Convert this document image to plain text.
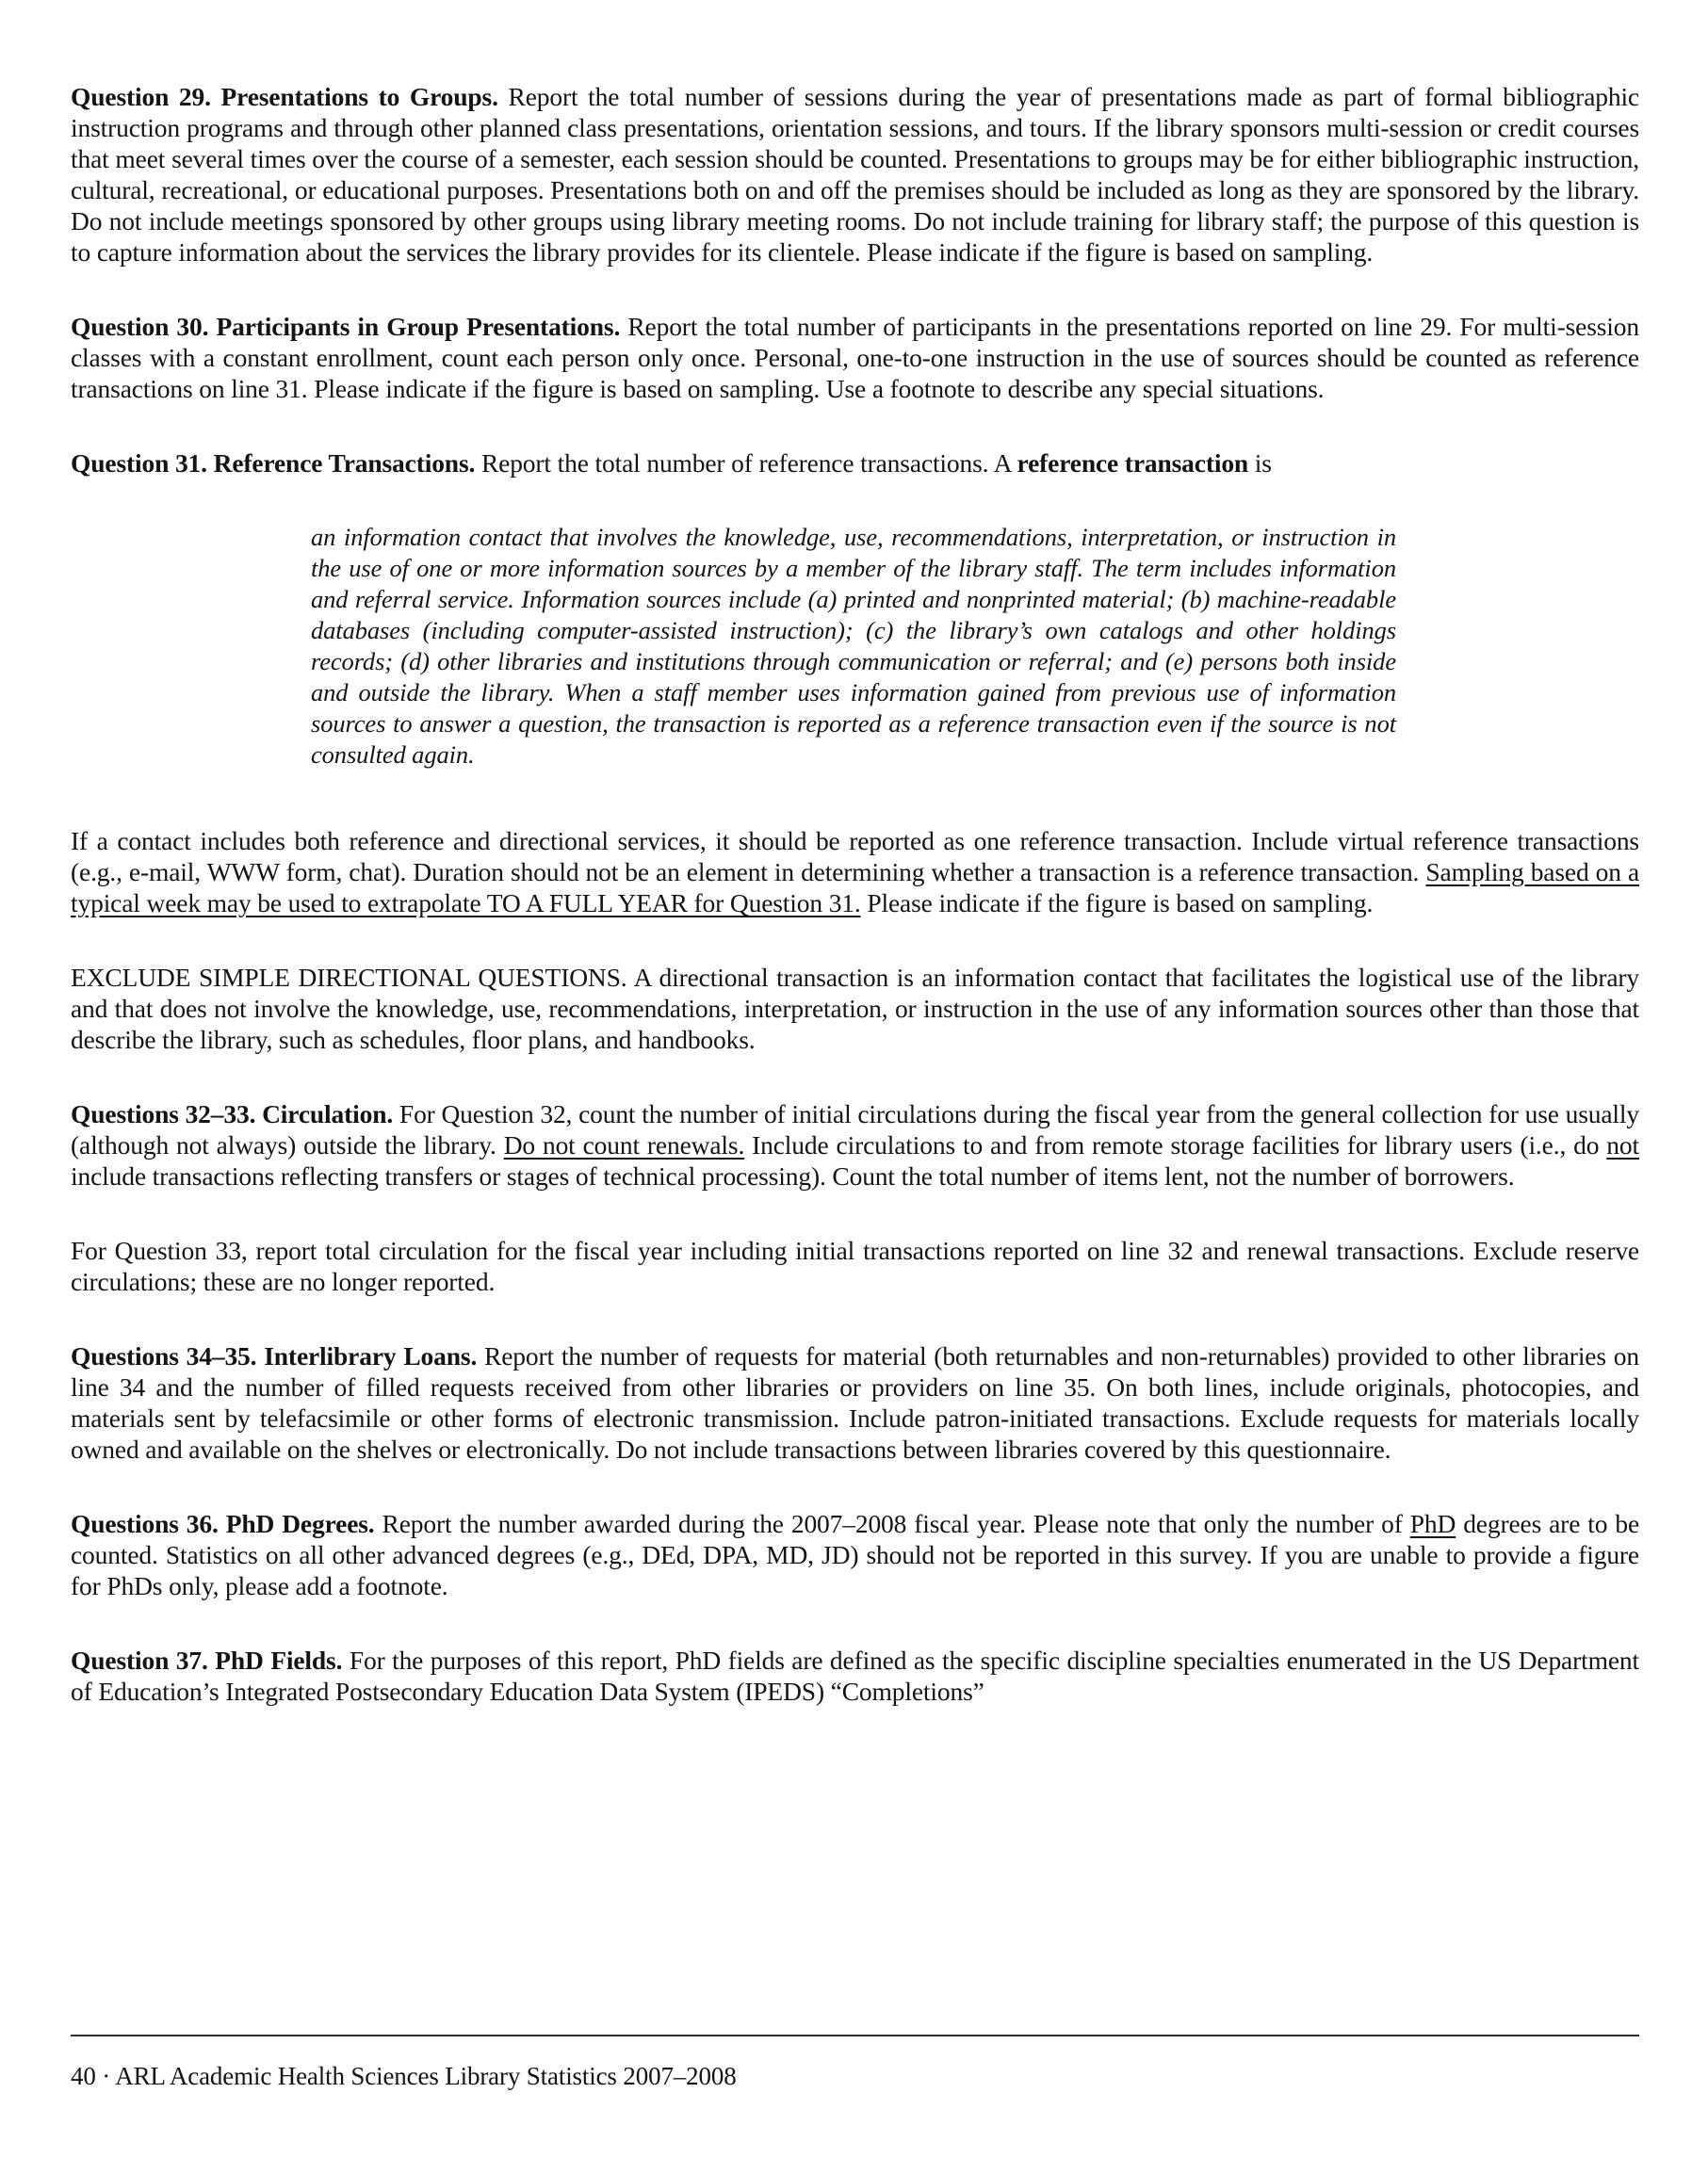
Question 29. Presentations to Groups. Report the total number of sessions during the year of presentations made as part of formal bibliographic instruction programs and through other planned class presentations, orientation sessions, and tours. If the library sponsors multi-session or credit courses that meet several times over the course of a semester, each session should be counted. Presentations to groups may be for either bibliographic instruction, cultural, recreational, or educational purposes. Presentations both on and off the premises should be included as long as they are sponsored by the library. Do not include meetings sponsored by other groups using library meeting rooms. Do not include training for library staff; the purpose of this question is to capture information about the services the library provides for its clientele. Please indicate if the figure is based on sampling.

Question 30. Participants in Group Presentations. Report the total number of participants in the presentations reported on line 29. For multi-session classes with a constant enrollment, count each person only once. Personal, one-to-one instruction in the use of sources should be counted as reference transactions on line 31. Please indicate if the figure is based on sampling. Use a footnote to describe any special situations.

Question 31. Reference Transactions. Report the total number of reference transactions. A reference transaction is

an information contact that involves the knowledge, use, recommendations, interpretation, or instruction in the use of one or more information sources by a member of the library staff. The term includes information and referral service. Information sources include (a) printed and nonprinted material; (b) machine-readable databases (including computer-assisted instruction); (c) the library’s own catalogs and other holdings records; (d) other libraries and institutions through communication or referral; and (e) persons both inside and outside the library. When a staff member uses information gained from previous use of information sources to answer a question, the transaction is reported as a reference transaction even if the source is not consulted again.

If a contact includes both reference and directional services, it should be reported as one reference transaction. Include virtual reference transactions (e.g., e-mail, WWW form, chat). Duration should not be an element in determining whether a transaction is a reference transaction. Sampling based on a typical week may be used to extrapolate TO A FULL YEAR for Question 31. Please indicate if the figure is based on sampling.

EXCLUDE SIMPLE DIRECTIONAL QUESTIONS. A directional transaction is an information contact that facilitates the logistical use of the library and that does not involve the knowledge, use, recommendations, interpretation, or instruction in the use of any information sources other than those that describe the library, such as schedules, floor plans, and handbooks.

Questions 32–33. Circulation. For Question 32, count the number of initial circulations during the fiscal year from the general collection for use usually (although not always) outside the library. Do not count renewals. Include circulations to and from remote storage facilities for library users (i.e., do not include transactions reflecting transfers or stages of technical processing). Count the total number of items lent, not the number of borrowers.

For Question 33, report total circulation for the fiscal year including initial transactions reported on line 32 and renewal transactions. Exclude reserve circulations; these are no longer reported.

Questions 34–35. Interlibrary Loans. Report the number of requests for material (both returnables and non-returnables) provided to other libraries on line 34 and the number of filled requests received from other libraries or providers on line 35. On both lines, include originals, photocopies, and materials sent by telefacsimile or other forms of electronic transmission. Include patron-initiated transactions. Exclude requests for materials locally owned and available on the shelves or electronically. Do not include transactions between libraries covered by this questionnaire.

Questions 36. PhD Degrees. Report the number awarded during the 2007–2008 fiscal year. Please note that only the number of PhD degrees are to be counted. Statistics on all other advanced degrees (e.g., DEd, DPA, MD, JD) should not be reported in this survey. If you are unable to provide a figure for PhDs only, please add a footnote.

Question 37. PhD Fields. For the purposes of this report, PhD fields are defined as the specific discipline specialties enumerated in the US Department of Education’s Integrated Postsecondary Education Data System (IPEDS) “Completions”

40 · ARL Academic Health Sciences Library Statistics 2007–2008
